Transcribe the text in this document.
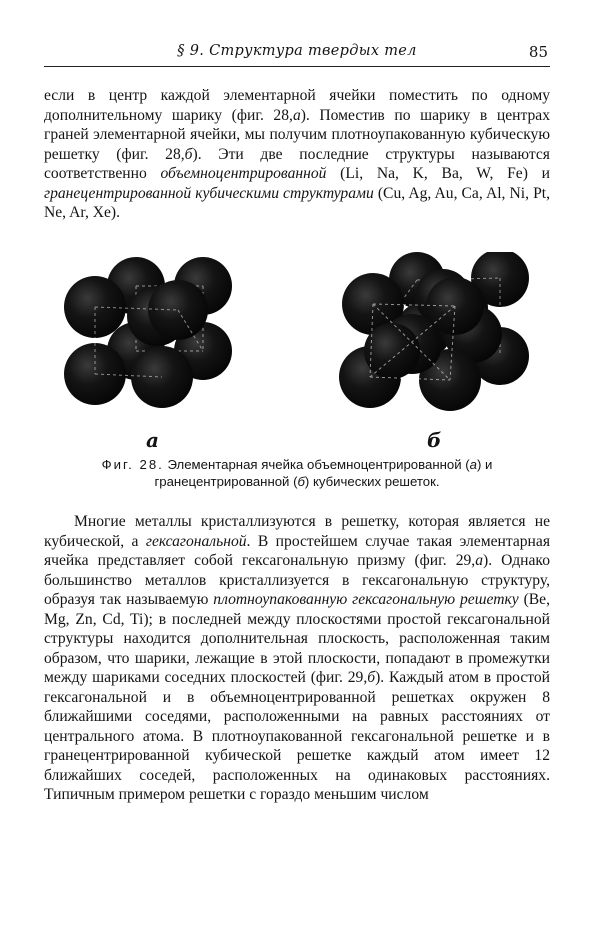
§ 9. Структура твердых тел	85

если в центр каждой элементарной ячейки поместить по одному дополнительному шарику (фиг. 28,а). Поместив по шарику в центрах граней элементарной ячейки, мы получим плотноупакованную кубическую решетку (фиг. 28,б). Эти две последние структуры называются соответственно объемноцентрированной (Li, Na, K, Ba, W, Fe) и гранецентрированной кубическими структурами (Cu, Ag, Au, Ca, Al, Ni, Pt, Ne, Ar, Xe).

а	б
Фиг. 28. Элементарная ячейка объемноцентрированной (а) и гранецентрированной (б) кубических решеток.

Многие металлы кристаллизуются в решетку, которая является не кубической, а гексагональной. В простейшем случае такая элементарная ячейка представляет собой гексагональную призму (фиг. 29,а). Однако большинство металлов кристаллизуется в гексагональную структуру, образуя так называемую плотноупакованную гексагональную решетку (Be, Mg, Zn, Cd, Ti); в последней между плоскостями простой гексагональной структуры находится дополнительная плоскость, расположенная таким образом, что шарики, лежащие в этой плоскости, попадают в промежутки между шариками соседних плоскостей (фиг. 29,б). Каждый атом в простой гексагональной и в объемноцентрированной решетках окружен 8 ближайшими соседями, расположенными на равных расстояниях от центрального атома. В плотноупакованной гексагональной решетке и в гранецентрированной кубической решетке каждый атом имеет 12 ближайших соседей, расположенных на одинаковых расстояниях. Типичным примером решетки с гораздо меньшим числом
